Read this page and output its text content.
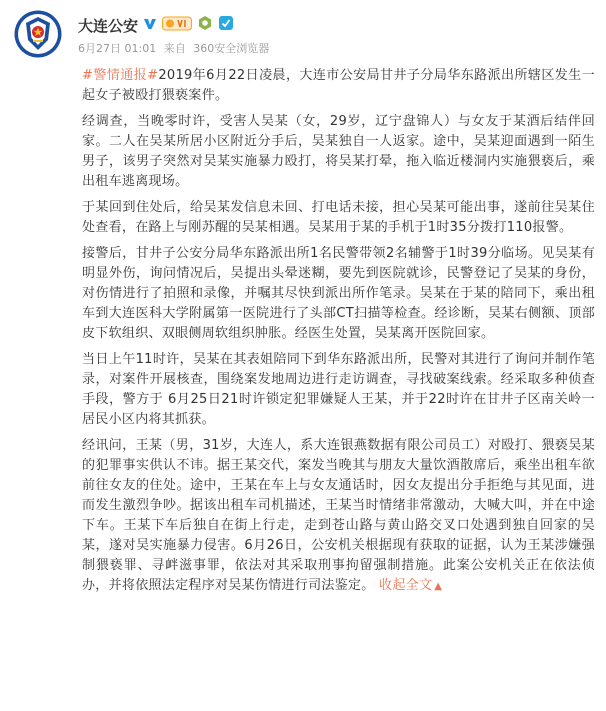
大连公安
6月27日 01:01 来自 360安全浏览器

#警情通报#2019年6月22日凌晨，大连市公安局甘井子分局华东路派出所辖区发生一起女子被殴打猥亵案件。

经调查，当晚零时许，受害人吴某（女，29岁，辽宁盘锦人）与女友于某酒后结伴回家。二人在吴某所居小区附近分手后，吴某独自一人返家。途中，吴某迎面遇到一陌生男子，该男子突然对吴某实施暴力殴打，将吴某打晕，拖入临近楼洞内实施猥亵后，乘出租车逃离现场。

于某回到住处后，给吴某发信息未回、打电话未接，担心吴某可能出事，遂前往吴某住处查看，在路上与刚苏醒的吴某相遇。吴某用于某的手机于1时35分拨打110报警。

接警后，甘井子公安分局华东路派出所1名民警带领2名辅警于1时39分临场。见吴某有明显外伤，询问情况后，吴提出头晕迷糊，要先到医院就诊，民警登记了吴某的身份，对伤情进行了拍照和录像，并嘱其尽快到派出所作笔录。吴某在于某的陪同下，乘出租车到大连医科大学附属第一医院进行了头部CT扫描等检查。经诊断，吴某右侧额、顶部皮下软组织、双眼侧周软组织肿胀。经医生处置，吴某离开医院回家。

当日上午11时许，吴某在其表姐陪同下到华东路派出所，民警对其进行了询问并制作笔录，对案件开展核查，围绕案发地周边进行走访调查，寻找破案线索。经采取多种侦查手段，警方于 6月25日21时许锁定犯罪嫌疑人王某，并于22时许在甘井子区南关岭一居民小区内将其抓获。

经讯问，王某（男，31岁，大连人，系大连银燕数据有限公司员工）对殴打、猥亵吴某的犯罪事实供认不讳。据王某交代，案发当晚其与朋友大量饮酒散席后，乘坐出租车欲前往女友的住处。途中，王某在车上与女友通话时，因女友提出分手拒绝与其见面，进而发生激烈争吵。据该出租车司机描述，王某当时情绪非常激动，大喊大叫，并在中途下车。王某下车后独自在街上行走，走到苍山路与黄山路交叉口处遇到独自回家的吴某，遂对吴实施暴力侵害。6月26日，公安机关根据现有获取的证据，认为王某涉嫌强制猥亵罪、寻衅滋事罪，依法对其采取刑事拘留强制措施。此案公安机关正在依法侦办，并将依照法定程序对吴某伤情进行司法鉴定。 收起全文 ▲
